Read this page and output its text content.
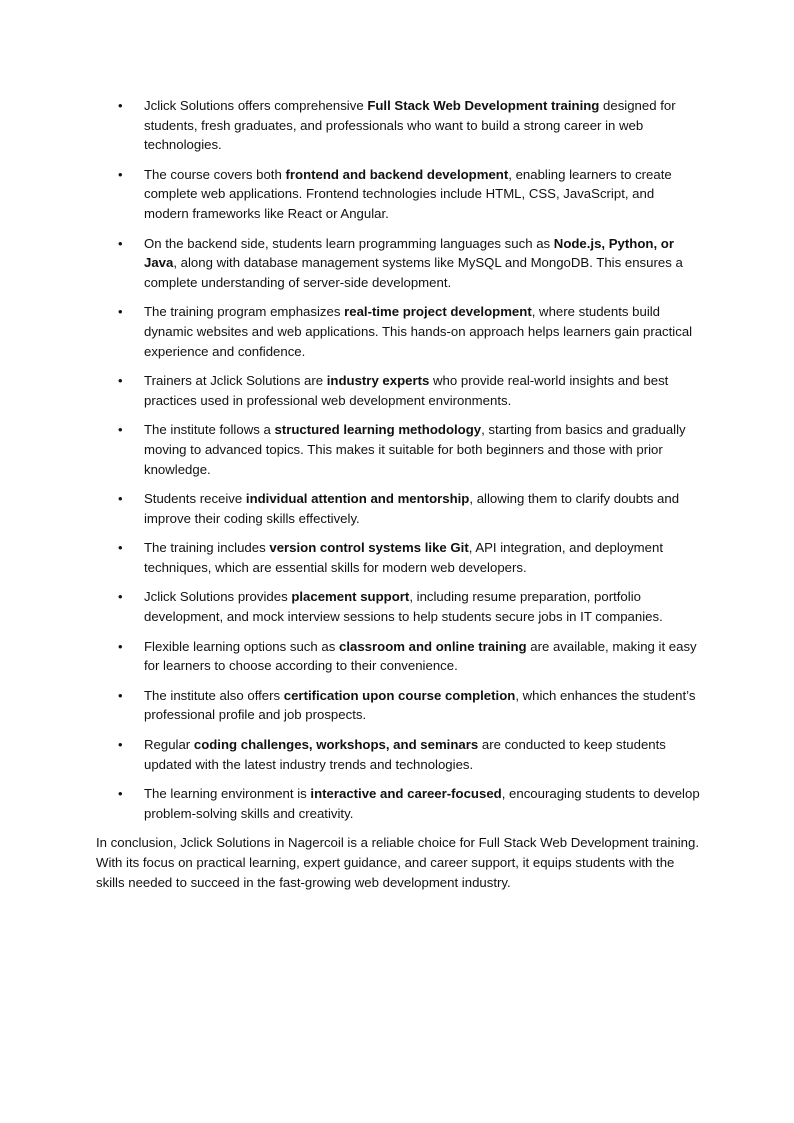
• Jclick Solutions offers comprehensive Full Stack Web Development training designed for students, fresh graduates, and professionals who want to build a strong career in web technologies.
• The course covers both frontend and backend development, enabling learners to create complete web applications. Frontend technologies include HTML, CSS, JavaScript, and modern frameworks like React or Angular.
• On the backend side, students learn programming languages such as Node.js, Python, or Java, along with database management systems like MySQL and MongoDB. This ensures a complete understanding of server-side development.
• The training program emphasizes real-time project development, where students build dynamic websites and web applications. This hands-on approach helps learners gain practical experience and confidence.
• Trainers at Jclick Solutions are industry experts who provide real-world insights and best practices used in professional web development environments.
• The institute follows a structured learning methodology, starting from basics and gradually moving to advanced topics. This makes it suitable for both beginners and those with prior knowledge.
• Students receive individual attention and mentorship, allowing them to clarify doubts and improve their coding skills effectively.
• The training includes version control systems like Git, API integration, and deployment techniques, which are essential skills for modern web developers.
• Jclick Solutions provides placement support, including resume preparation, portfolio development, and mock interview sessions to help students secure jobs in IT companies.
• Flexible learning options such as classroom and online training are available, making it easy for learners to choose according to their convenience.
• The institute also offers certification upon course completion, which enhances the student’s professional profile and job prospects.
• Regular coding challenges, workshops, and seminars are conducted to keep students updated with the latest industry trends and technologies.
• The learning environment is interactive and career-focused, encouraging students to develop problem-solving skills and creativity.

In conclusion, Jclick Solutions in Nagercoil is a reliable choice for Full Stack Web Development training. With its focus on practical learning, expert guidance, and career support, it equips students with the skills needed to succeed in the fast-growing web development industry.
